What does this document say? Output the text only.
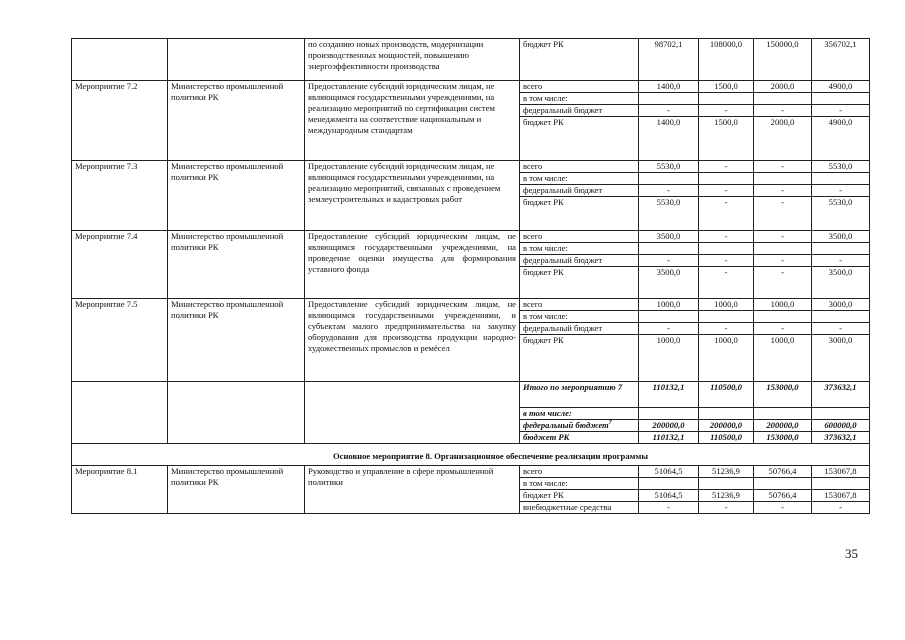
		по созданию новых производств, модернизации производственных мощностей, повышению энергоэффективности производства	бюджет РК	98702,1	108000,0	150000,0	356702,1
Мероприятие 7.2	Министерство промышленной политики РК	Предоставление субсидий юридическим лицам, не являющимся государственными учреждениями, на реализацию мероприятий по сертификации систем менеджмента на соответствие национальным и международным стандартам	всего	1400,0	1500,0	2000,0	4900,0
			в том числе:				
			федеральный бюджет	-	-	-	-
			бюджет РК	1400,0	1500,0	2000,0	4900,0
Мероприятие 7.3	Министерство промышленной политики РК	Предоставление субсидий юридическим лицам, не являющимся государственными учреждениями, на реализацию мероприятий, связанных с проведением землеустроительных и кадастровых работ	всего	5530,0	-	-	5530,0
			в том числе:				
			федеральный бюджет	-	-	-	-
			бюджет РК	5530,0	-	-	5530,0
Мероприятие 7.4	Министерство промышленной политики РК	Предоставление субсидий юридическим лицам, не являющимся государственными учреждениями, на проведение оценки имущества для формирования уставного фонда	всего	3500,0	-	-	3500,0
			в том числе:				
			федеральный бюджет	-	-	-	-
			бюджет РК	3500,0	-	-	3500,0
Мероприятие 7.5	Министерство промышленной политики РК	Предоставление субсидий юридическим лицам, не являющимся государственными учреждениями, и субъектам малого предпринимательства на закупку оборудования для производства продукции народно-художественных промыслов и ремёсел	всего	1000,0	1000,0	1000,0	3000,0
			в том числе:				
			федеральный бюджет	-	-	-	-
			бюджет РК	1000,0	1000,0	1000,0	3000,0
			Итого по мероприятию 7	110132,1	110500,0	153000,0	373632,1
			в том числе:				
			федеральный бюджет$^7$	200000,0	200000,0	200000,0	600000,0
			бюджет РК	110132,1	110500,0	153000,0	373632,1
Основное мероприятие 8. Организационное обеспечение реализации программы							
Мероприятие 8.1	Министерство промышленной политики РК	Руководство и управление в сфере промышленной политики	всего	51064,5	51236,9	50766,4	153067,8
			в том числе:				
			бюджет РК	51064,5	51236,9	50766,4	153067,8
			внебюджетные средства	-	-	-	-
35
